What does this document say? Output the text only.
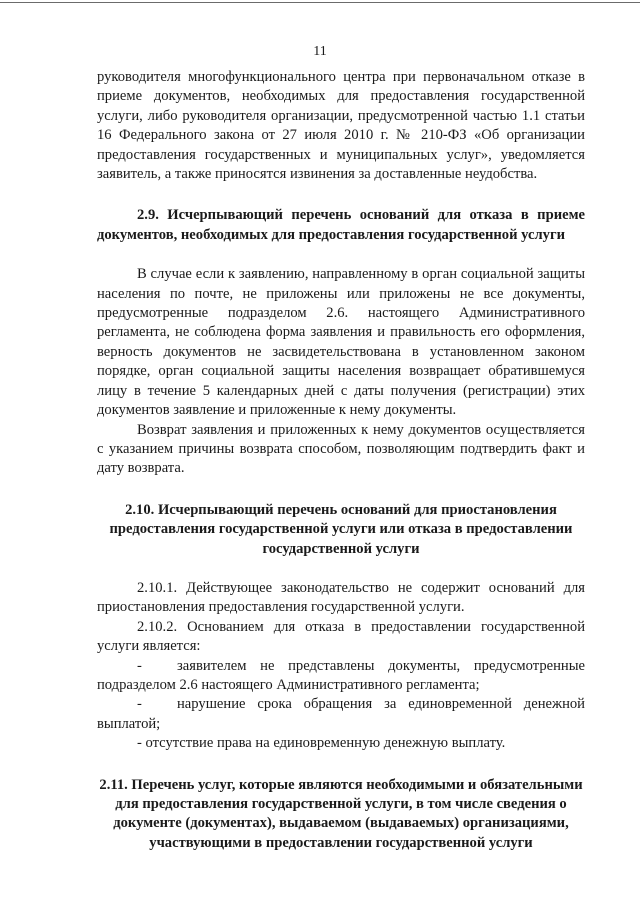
11

руководителя многофункционального центра при первоначальном отказе в приеме документов, необходимых для предоставления государственной услуги, либо руководителя организации, предусмотренной частью 1.1 статьи 16 Федерального закона от 27 июля 2010 г. № 210-ФЗ «Об организации предоставления государственных и муниципальных услуг», уведомляется заявитель, а также приносятся извинения за доставленные неудобства.

2.9. Исчерпывающий перечень оснований для отказа в приеме документов, необходимых для предоставления государственной услуги

В случае если к заявлению, направленному в орган социальной защиты населения по почте, не приложены или приложены не все документы, предусмотренные подразделом 2.6. настоящего Административного регламента, не соблюдена форма заявления и правильность его оформления, верность документов не засвидетельствована в установленном законом порядке, орган социальной защиты населения возвращает обратившемуся лицу в течение 5 календарных дней с даты получения (регистрации) этих документов заявление и приложенные к нему документы.

Возврат заявления и приложенных к нему документов осуществляется с указанием причины возврата способом, позволяющим подтвердить факт и дату возврата.

2.10. Исчерпывающий перечень оснований для приостановления предоставления государственной услуги или отказа в предоставлении государственной услуги

2.10.1. Действующее законодательство не содержит оснований для приостановления предоставления государственной услуги.

2.10.2. Основанием для отказа в предоставлении государственной услуги является:

- заявителем не представлены документы, предусмотренные подразделом 2.6 настоящего Административного регламента;

- нарушение срока обращения за единовременной денежной выплатой;

- отсутствие права на единовременную денежную выплату.

2.11. Перечень услуг, которые являются необходимыми и обязательными для предоставления государственной услуги, в том числе сведения о документе (документах), выдаваемом (выдаваемых) организациями, участвующими в предоставлении государственной услуги
